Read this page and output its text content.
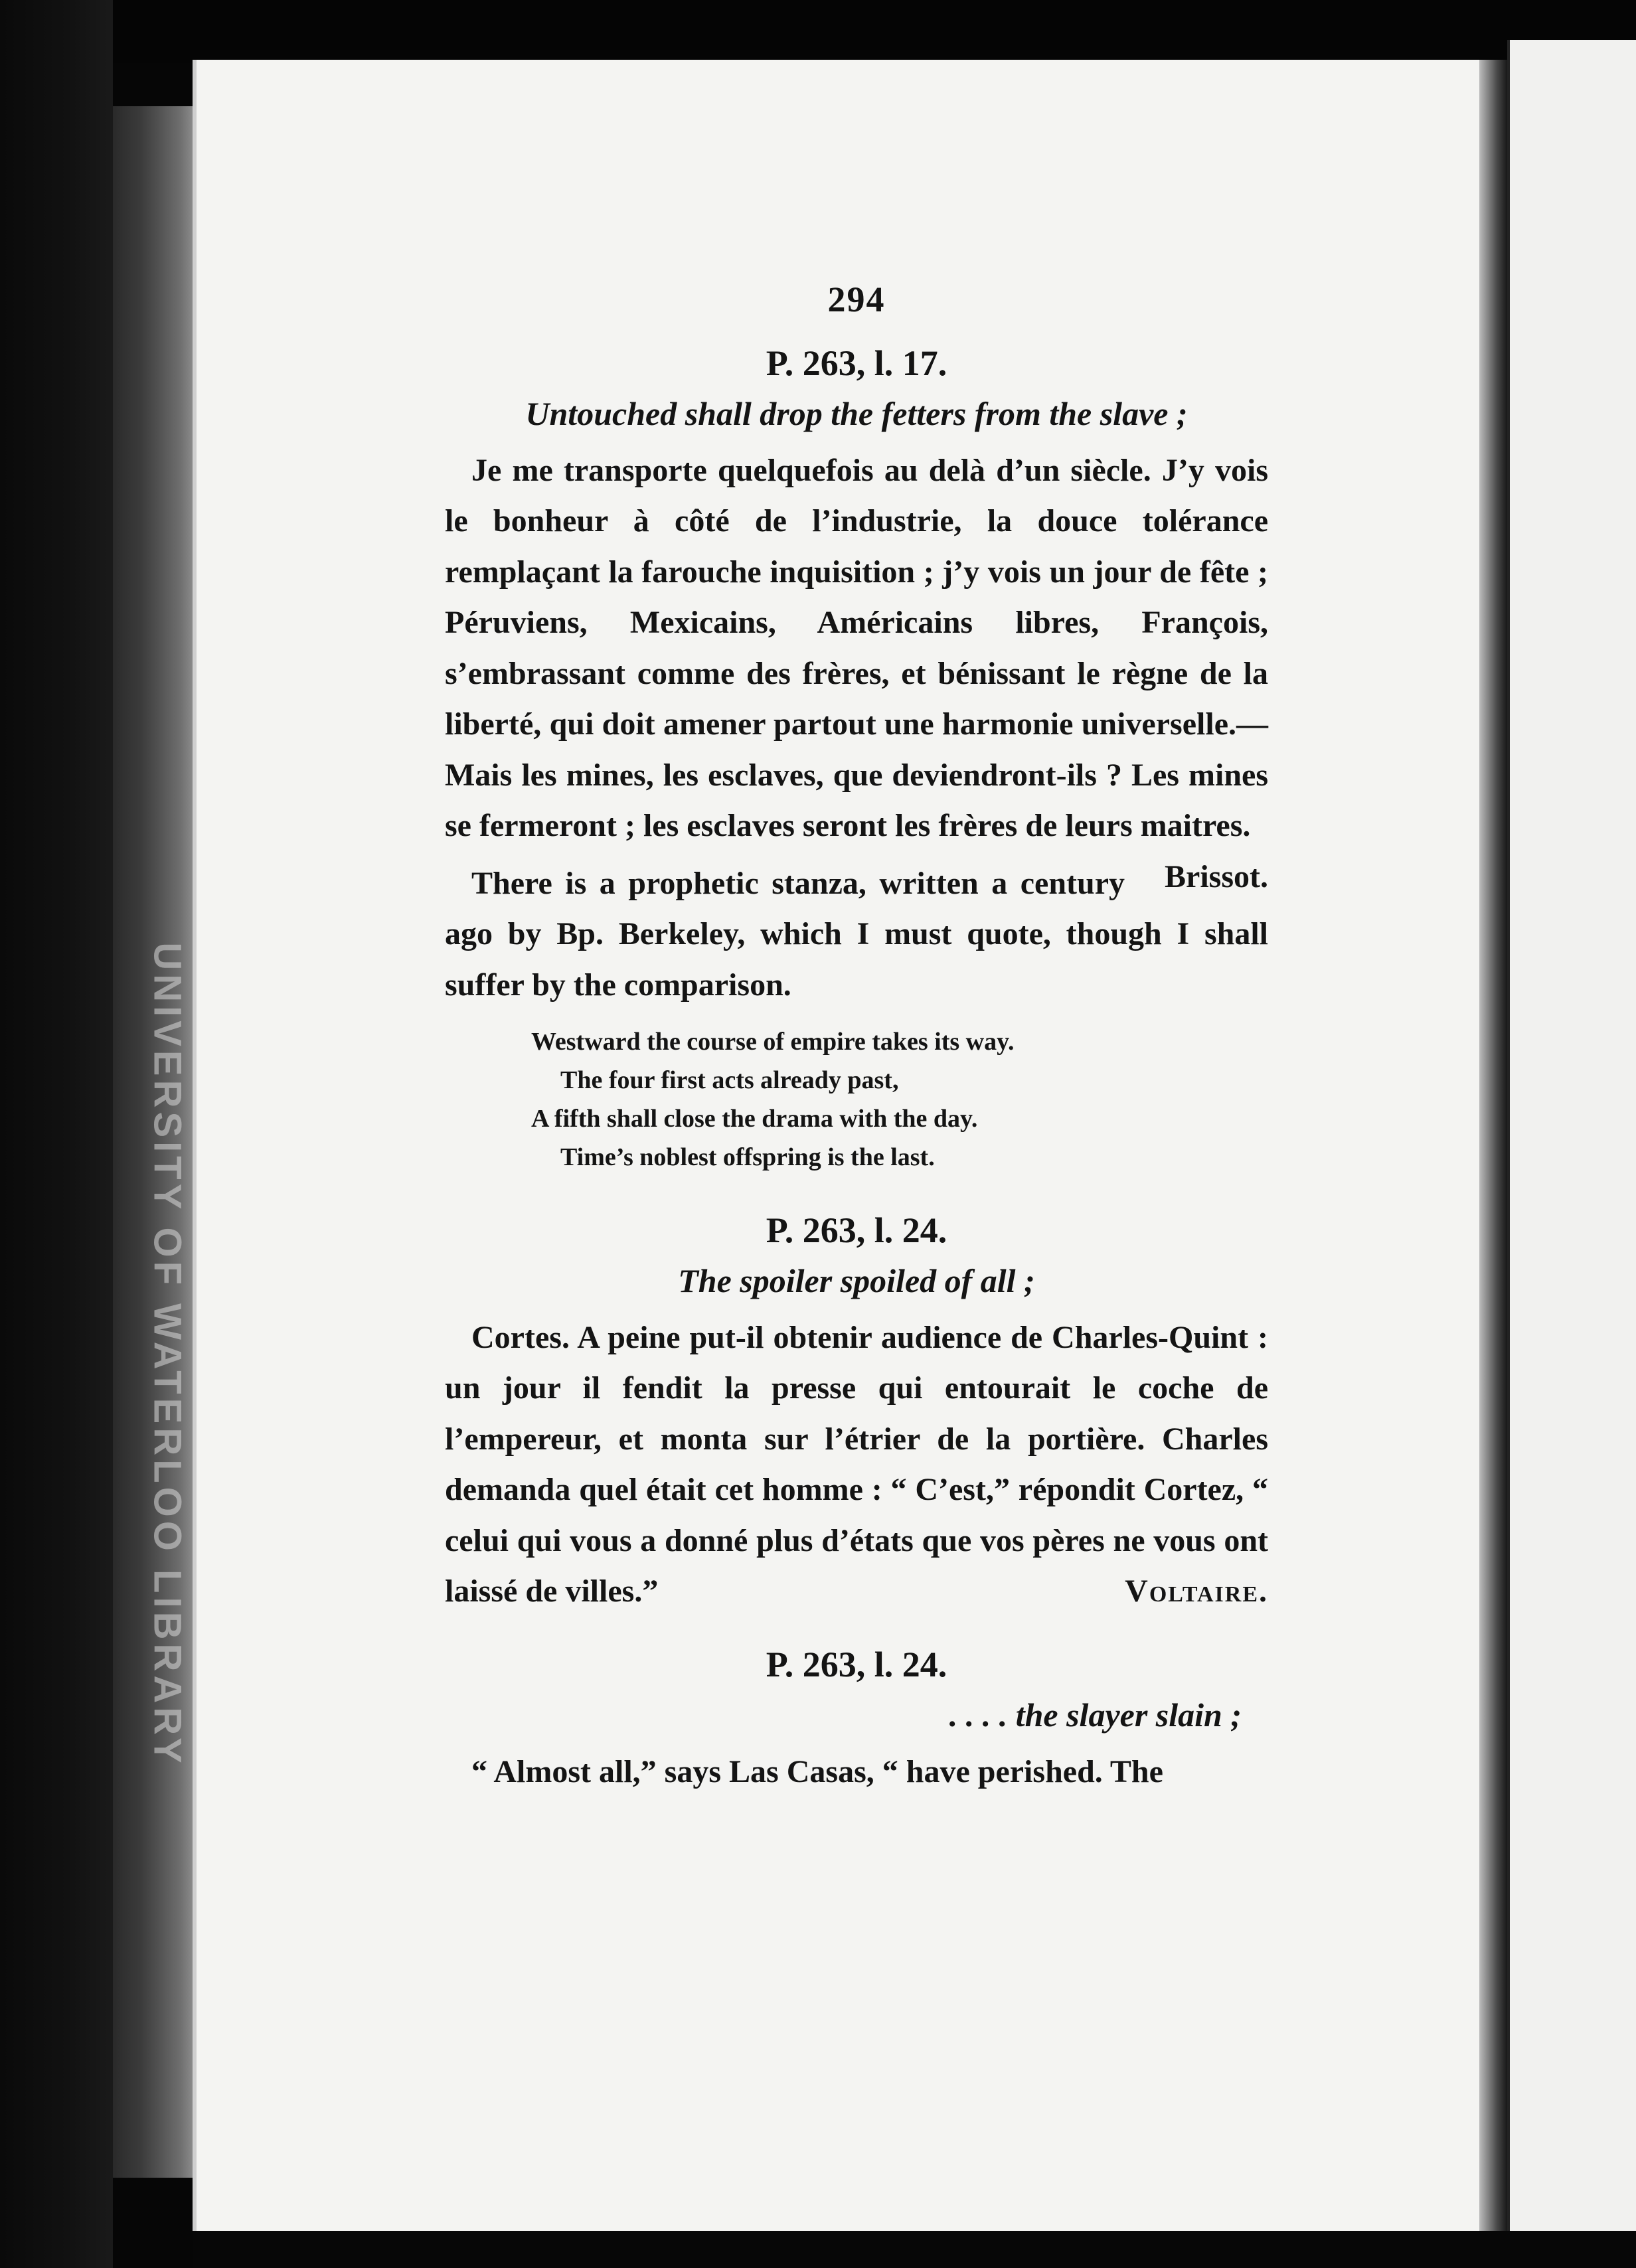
UNIVERSITY OF WATERLOO LIBRARY
294
P. 263, l. 17.
Untouched shall drop the fetters from the slave ;

Je me transporte quelquefois au delà d’un siècle. J’y vois le bonheur à côté de l’industrie, la douce tolérance remplaçant la farouche inquisition ; j’y vois un jour de fête ; Péruviens, Mexicains, Américains libres, François, s’embrassant comme des frères, et bénissant le règne de la liberté, qui doit amener partout une harmonie universelle.—Mais les mines, les esclaves, que deviendront-ils ? Les mines se fermeront ; les esclaves seront les frères de leurs maitres.
Brissot.

There is a prophetic stanza, written a century ago by Bp. Berkeley, which I must quote, though I shall suffer by the comparison.

Westward the course of empire takes its way.
The four first acts already past,
A fifth shall close the drama with the day.
Time’s noblest offspring is the last.
P. 263, l. 24.
The spoiler spoiled of all ;

Cortes. A peine put-il obtenir audience de Charles-Quint : un jour il fendit la presse qui entourait le coche de l’empereur, et monta sur l’étrier de la portière. Charles demanda quel était cet homme : “ C’est,” répondit Cortez, “ celui qui vous a donné plus d’états que vos pères ne vous ont laissé de villes.”	Voltaire.

P. 263, l. 24.
. . . . the slayer slain ;

“ Almost all,” says Las Casas, “ have perished. The
